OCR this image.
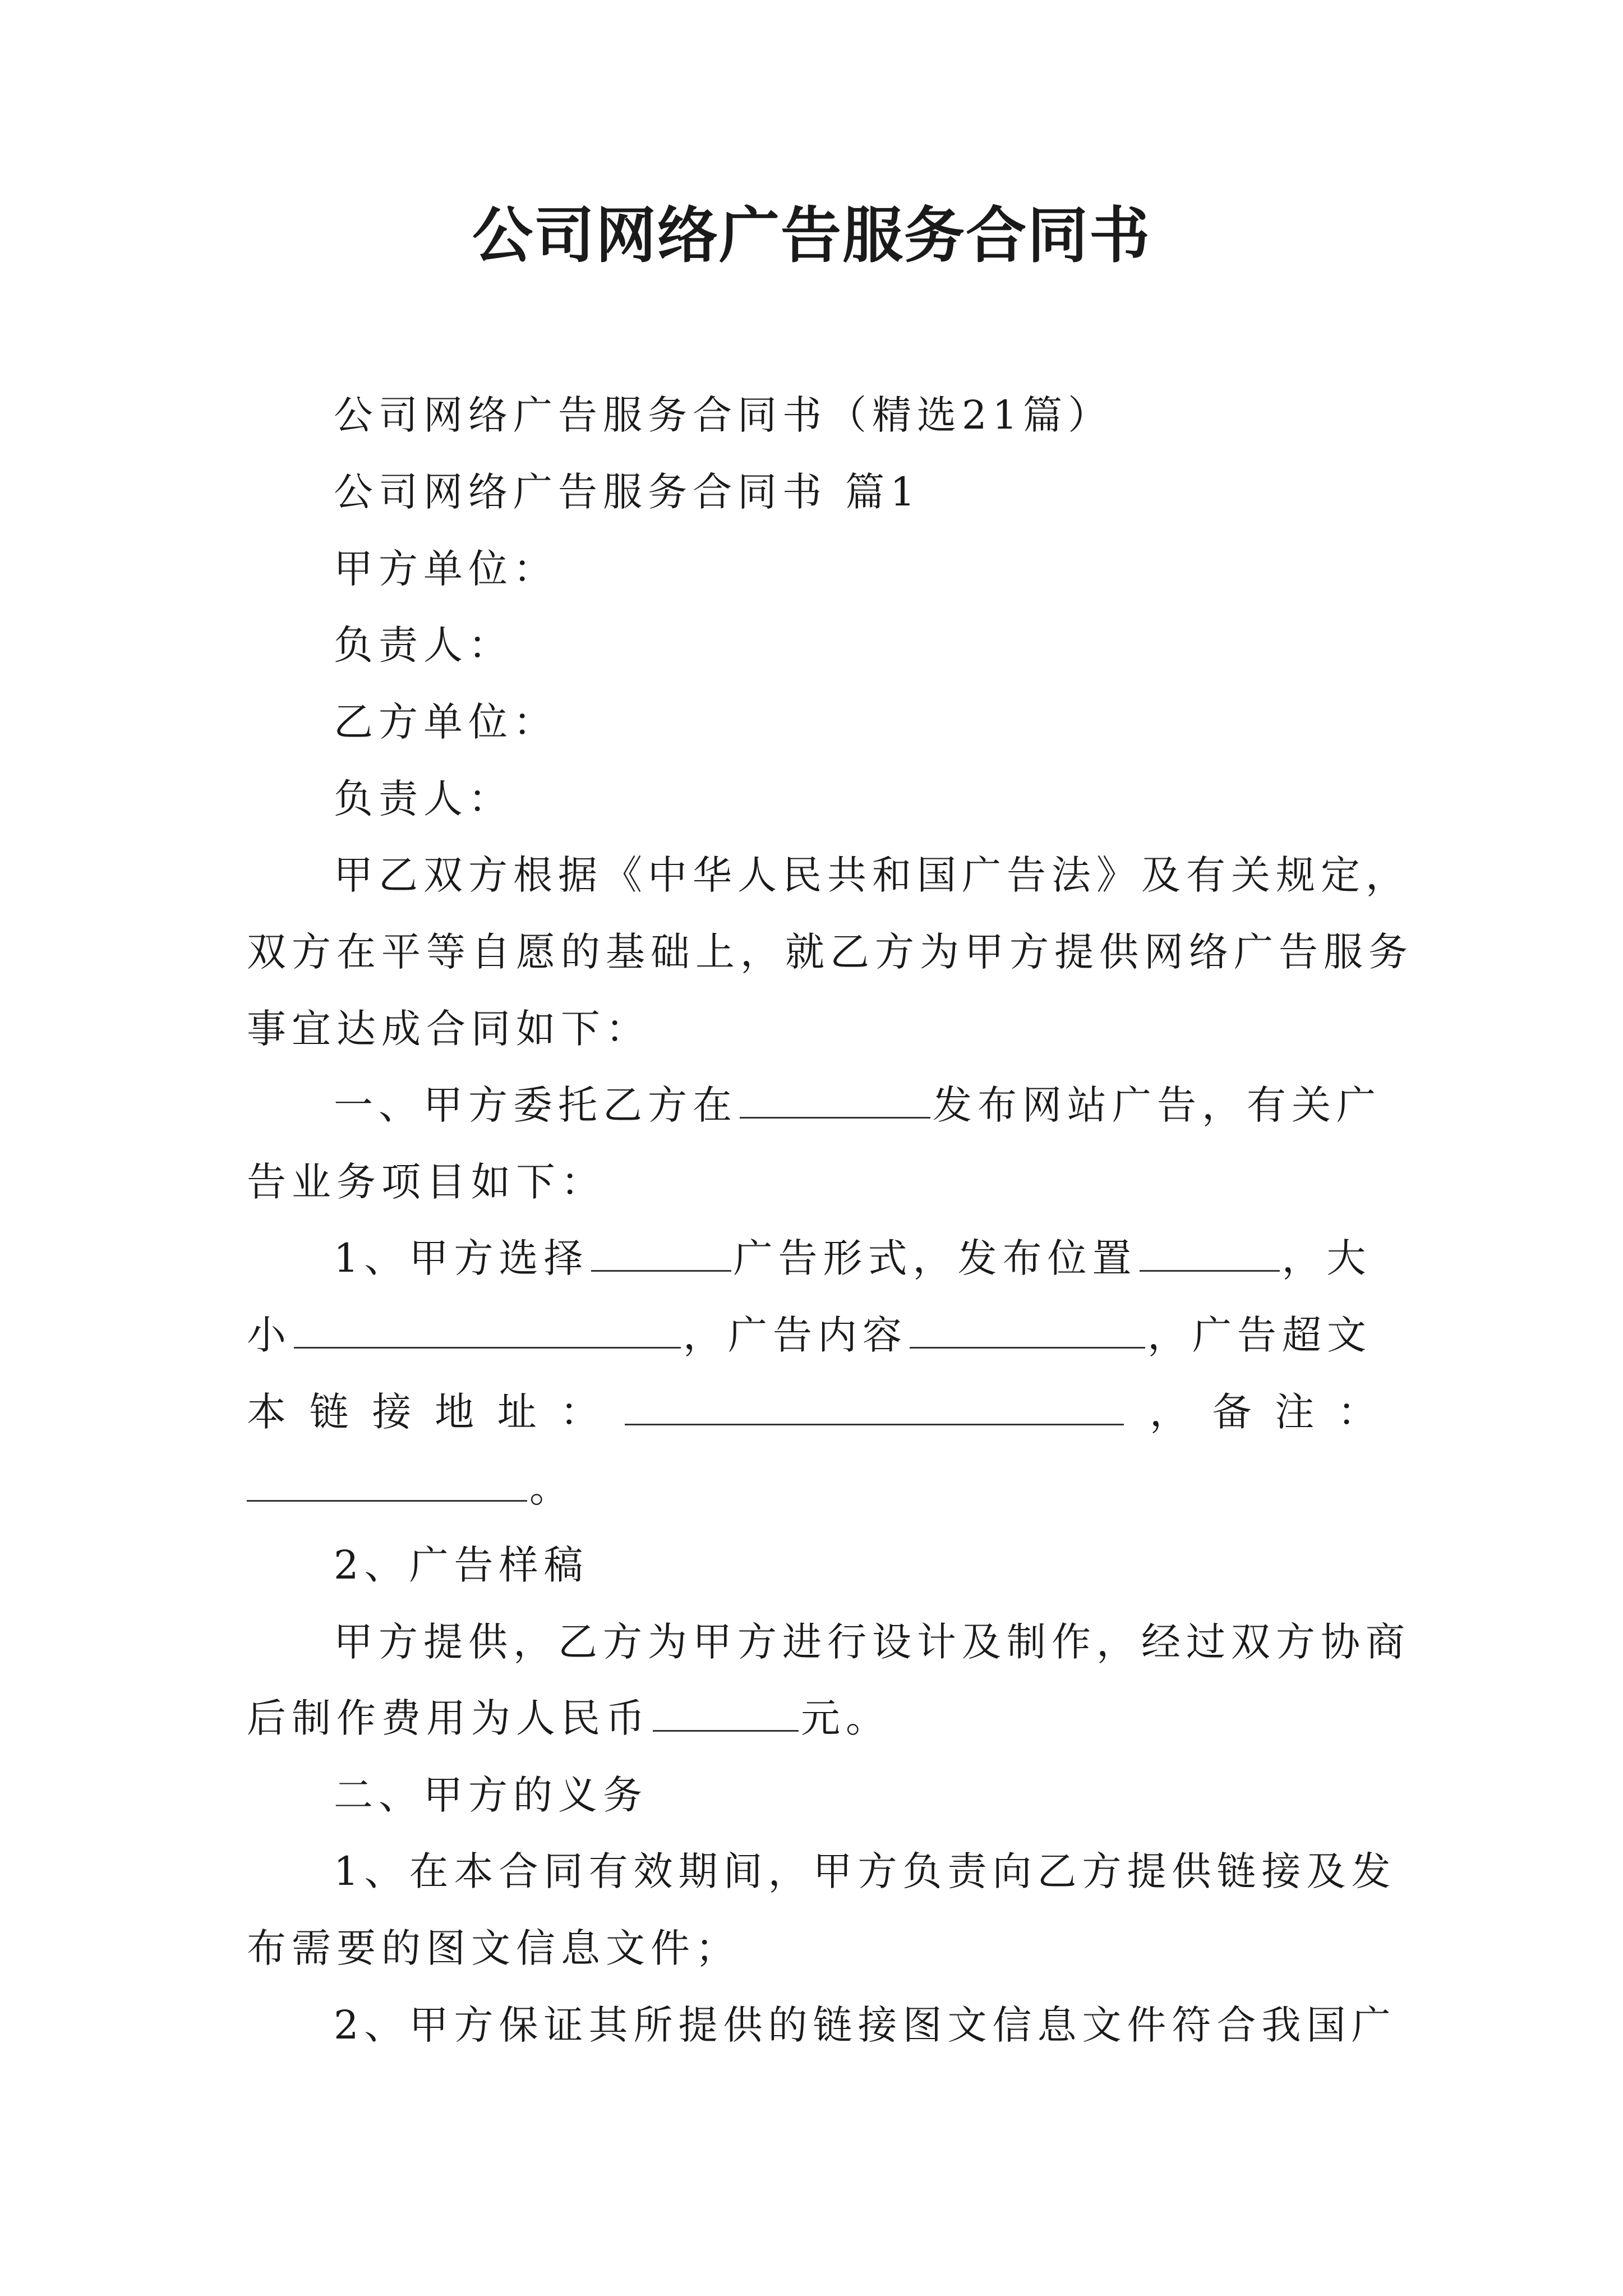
公司网络广告服务合同书
公司网络广告服务合同书（精选21篇）
公司网络广告服务合同书 篇1
甲方单位：
负责人：
乙方单位：
负责人：
甲乙双方根据《中华人民共和国广告法》及有关规定，
双方在平等自愿的基础上，就乙方为甲方提供网络广告服务
事宜达成合同如下：
一、甲方委托乙方在	发布网站广告，有关广
告业务项目如下：
1、甲方选择	广告形式，发布位置	，大
小	，广告内容	，广告超文
本 链 接 地 址 ：	， 备 注 ：
。
2、广告样稿
甲方提供，乙方为甲方进行设计及制作，经过双方协商
后制作费用为人民币	元。
二、甲方的义务
1、在本合同有效期间，甲方负责向乙方提供链接及发
布需要的图文信息文件；
2、甲方保证其所提供的链接图文信息文件符合我国广
